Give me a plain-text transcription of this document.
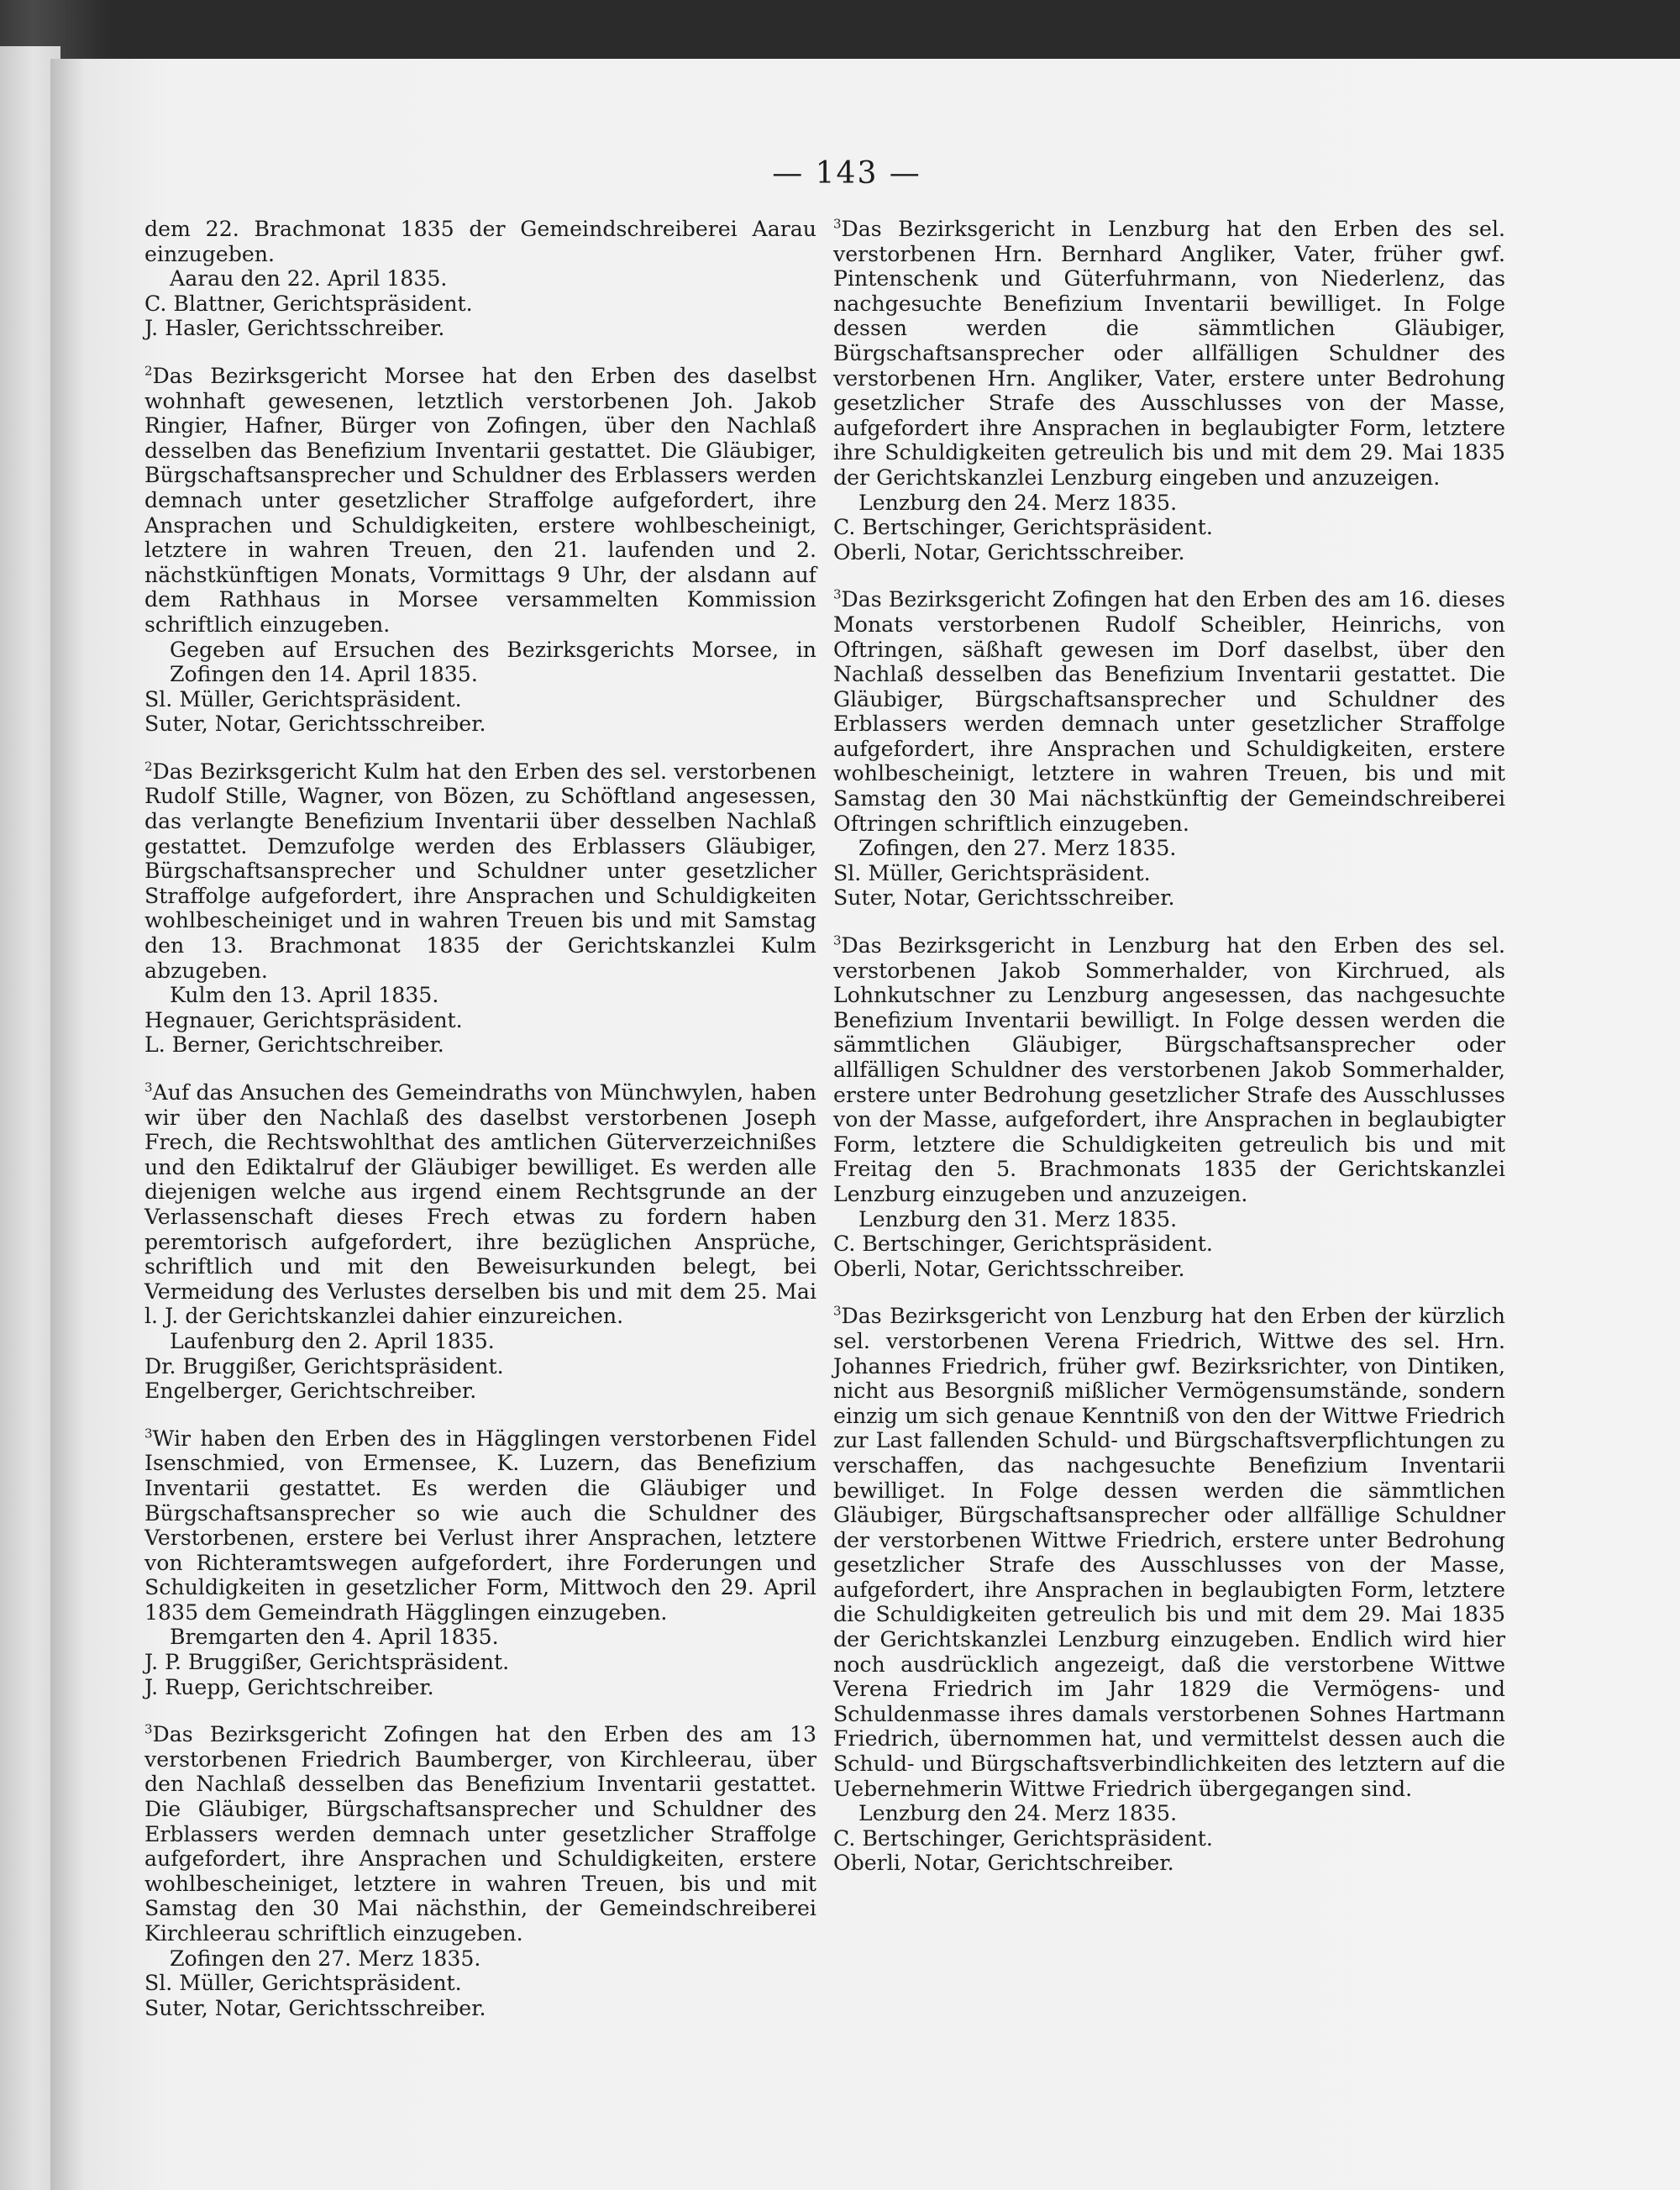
— 143 —

dem 22. Brachmonat 1835 der Gemeindschreiberei Aarau einzugeben.

Aarau den 22. April 1835.

C. Blattner, Gerichtspräsident.

J. Hasler, Gerichtsschreiber.

$^2$Das Bezirksgericht Morsee hat den Erben des daselbst wohnhaft gewesenen, letztlich verstorbenen Joh. Jakob Ringier, Hafner, Bürger von Zofingen, über den Nachlaß desselben das Benefizium Inventarii gestattet. Die Gläubiger, Bürgschaftsansprecher und Schuldner des Erblassers werden demnach unter gesetzlicher Straffolge aufgefordert, ihre Ansprachen und Schuldigkeiten, erstere wohlbescheinigt, letztere in wahren Treuen, den 21. laufenden und 2. nächstkünftigen Monats, Vormittags 9 Uhr, der alsdann auf dem Rathhaus in Morsee versammelten Kommission schriftlich einzugeben.

Gegeben auf Ersuchen des Bezirksgerichts Morsee, in Zofingen den 14. April 1835.

Sl. Müller, Gerichtspräsident.

Suter, Notar, Gerichtsschreiber.

$^2$Das Bezirksgericht Kulm hat den Erben des sel. verstorbenen Rudolf Stille, Wagner, von Bözen, zu Schöftland angesessen, das verlangte Benefizium Inventarii über desselben Nachlaß gestattet. Demzufolge werden des Erblassers Gläubiger, Bürgschaftsansprecher und Schuldner unter gesetzlicher Straffolge aufgefordert, ihre Ansprachen und Schuldigkeiten wohlbescheiniget und in wahren Treuen bis und mit Samstag den 13. Brachmonat 1835 der Gerichtskanzlei Kulm abzugeben.

Kulm den 13. April 1835.

Hegnauer, Gerichtspräsident.

L. Berner, Gerichtschreiber.

$^3$Auf das Ansuchen des Gemeindraths von Münchwylen, haben wir über den Nachlaß des daselbst verstorbenen Joseph Frech, die Rechtswohlthat des amtlichen Güterverzeichnißes und den Ediktalruf der Gläubiger bewilliget. Es werden alle diejenigen welche aus irgend einem Rechtsgrunde an der Verlassenschaft dieses Frech etwas zu fordern haben peremtorisch aufgefordert, ihre bezüglichen Ansprüche, schriftlich und mit den Beweisurkunden belegt, bei Vermeidung des Verlustes derselben bis und mit dem 25. Mai l. J. der Gerichtskanzlei dahier einzureichen.

Laufenburg den 2. April 1835.

Dr. Bruggißer, Gerichtspräsident.

Engelberger, Gerichtschreiber.

$^3$Wir haben den Erben des in Hägglingen verstorbenen Fidel Isenschmied, von Ermensee, K. Luzern, das Benefizium Inventarii gestattet. Es werden die Gläubiger und Bürgschaftsansprecher so wie auch die Schuldner des Verstorbenen, erstere bei Verlust ihrer Ansprachen, letztere von Richteramtswegen aufgefordert, ihre Forderungen und Schuldigkeiten in gesetzlicher Form, Mittwoch den 29. April 1835 dem Gemeindrath Hägglingen einzugeben.

Bremgarten den 4. April 1835.

J. P. Bruggißer, Gerichtspräsident.

J. Ruepp, Gerichtschreiber.

$^3$Das Bezirksgericht Zofingen hat den Erben des am 13 verstorbenen Friedrich Baumberger, von Kirchleerau, über den Nachlaß desselben das Benefizium Inventarii gestattet. Die Gläubiger, Bürgschaftsansprecher und Schuldner des Erblassers werden demnach unter gesetzlicher Straffolge aufgefordert, ihre Ansprachen und Schuldigkeiten, erstere wohlbescheiniget, letztere in wahren Treuen, bis und mit Samstag den 30 Mai nächsthin, der Gemeindschreiberei Kirchleerau schriftlich einzugeben.

Zofingen den 27. Merz 1835.

Sl. Müller, Gerichtspräsident.

Suter, Notar, Gerichtsschreiber.

$^3$Das Bezirksgericht in Lenzburg hat den Erben des sel. verstorbenen Hrn. Bernhard Angliker, Vater, früher gwf. Pintenschenk und Güterfuhrmann, von Niederlenz, das nachgesuchte Benefizium Inventarii bewilliget. In Folge dessen werden die sämmtlichen Gläubiger, Bürgschaftsansprecher oder allfälligen Schuldner des verstorbenen Hrn. Angliker, Vater, erstere unter Bedrohung gesetzlicher Strafe des Ausschlusses von der Masse, aufgefordert ihre Ansprachen in beglaubigter Form, letztere ihre Schuldigkeiten getreulich bis und mit dem 29. Mai 1835 der Gerichtskanzlei Lenzburg eingeben und anzuzeigen.

Lenzburg den 24. Merz 1835.

C. Bertschinger, Gerichtspräsident.

Oberli, Notar, Gerichtsschreiber.

$^3$Das Bezirksgericht Zofingen hat den Erben des am 16. dieses Monats verstorbenen Rudolf Scheibler, Heinrichs, von Oftringen, säßhaft gewesen im Dorf daselbst, über den Nachlaß desselben das Benefizium Inventarii gestattet. Die Gläubiger, Bürgschaftsansprecher und Schuldner des Erblassers werden demnach unter gesetzlicher Straffolge aufgefordert, ihre Ansprachen und Schuldigkeiten, erstere wohlbescheinigt, letztere in wahren Treuen, bis und mit Samstag den 30 Mai nächstkünftig der Gemeindschreiberei Oftringen schriftlich einzugeben.

Zofingen, den 27. Merz 1835.

Sl. Müller, Gerichtspräsident.

Suter, Notar, Gerichtsschreiber.

$^3$Das Bezirksgericht in Lenzburg hat den Erben des sel. verstorbenen Jakob Sommerhalder, von Kirchrued, als Lohnkutschner zu Lenzburg angesessen, das nachgesuchte Benefizium Inventarii bewilligt. In Folge dessen werden die sämmtlichen Gläubiger, Bürgschaftsansprecher oder allfälligen Schuldner des verstorbenen Jakob Sommerhalder, erstere unter Bedrohung gesetzlicher Strafe des Ausschlusses von der Masse, aufgefordert, ihre Ansprachen in beglaubigter Form, letztere die Schuldigkeiten getreulich bis und mit Freitag den 5. Brachmonats 1835 der Gerichtskanzlei Lenzburg einzugeben und anzuzeigen.

Lenzburg den 31. Merz 1835.

C. Bertschinger, Gerichtspräsident.

Oberli, Notar, Gerichtsschreiber.

$^3$Das Bezirksgericht von Lenzburg hat den Erben der kürzlich sel. verstorbenen Verena Friedrich, Wittwe des sel. Hrn. Johannes Friedrich, früher gwf. Bezirksrichter, von Dintiken, nicht aus Besorgniß mißlicher Vermögensumstände, sondern einzig um sich genaue Kenntniß von den der Wittwe Friedrich zur Last fallenden Schuld- und Bürgschaftsverpflichtungen zu verschaffen, das nachgesuchte Benefizium Inventarii bewilliget. In Folge dessen werden die sämmtlichen Gläubiger, Bürgschaftsansprecher oder allfällige Schuldner der verstorbenen Wittwe Friedrich, erstere unter Bedrohung gesetzlicher Strafe des Ausschlusses von der Masse, aufgefordert, ihre Ansprachen in beglaubigten Form, letztere die Schuldigkeiten getreulich bis und mit dem 29. Mai 1835 der Gerichtskanzlei Lenzburg einzugeben. Endlich wird hier noch ausdrücklich angezeigt, daß die verstorbene Wittwe Verena Friedrich im Jahr 1829 die Vermögens- und Schuldenmasse ihres damals verstorbenen Sohnes Hartmann Friedrich, übernommen hat, und vermittelst dessen auch die Schuld- und Bürgschaftsverbindlichkeiten des letztern auf die Uebernehmerin Wittwe Friedrich übergegangen sind.

Lenzburg den 24. Merz 1835.

C. Bertschinger, Gerichtspräsident.

Oberli, Notar, Gerichtschreiber.
